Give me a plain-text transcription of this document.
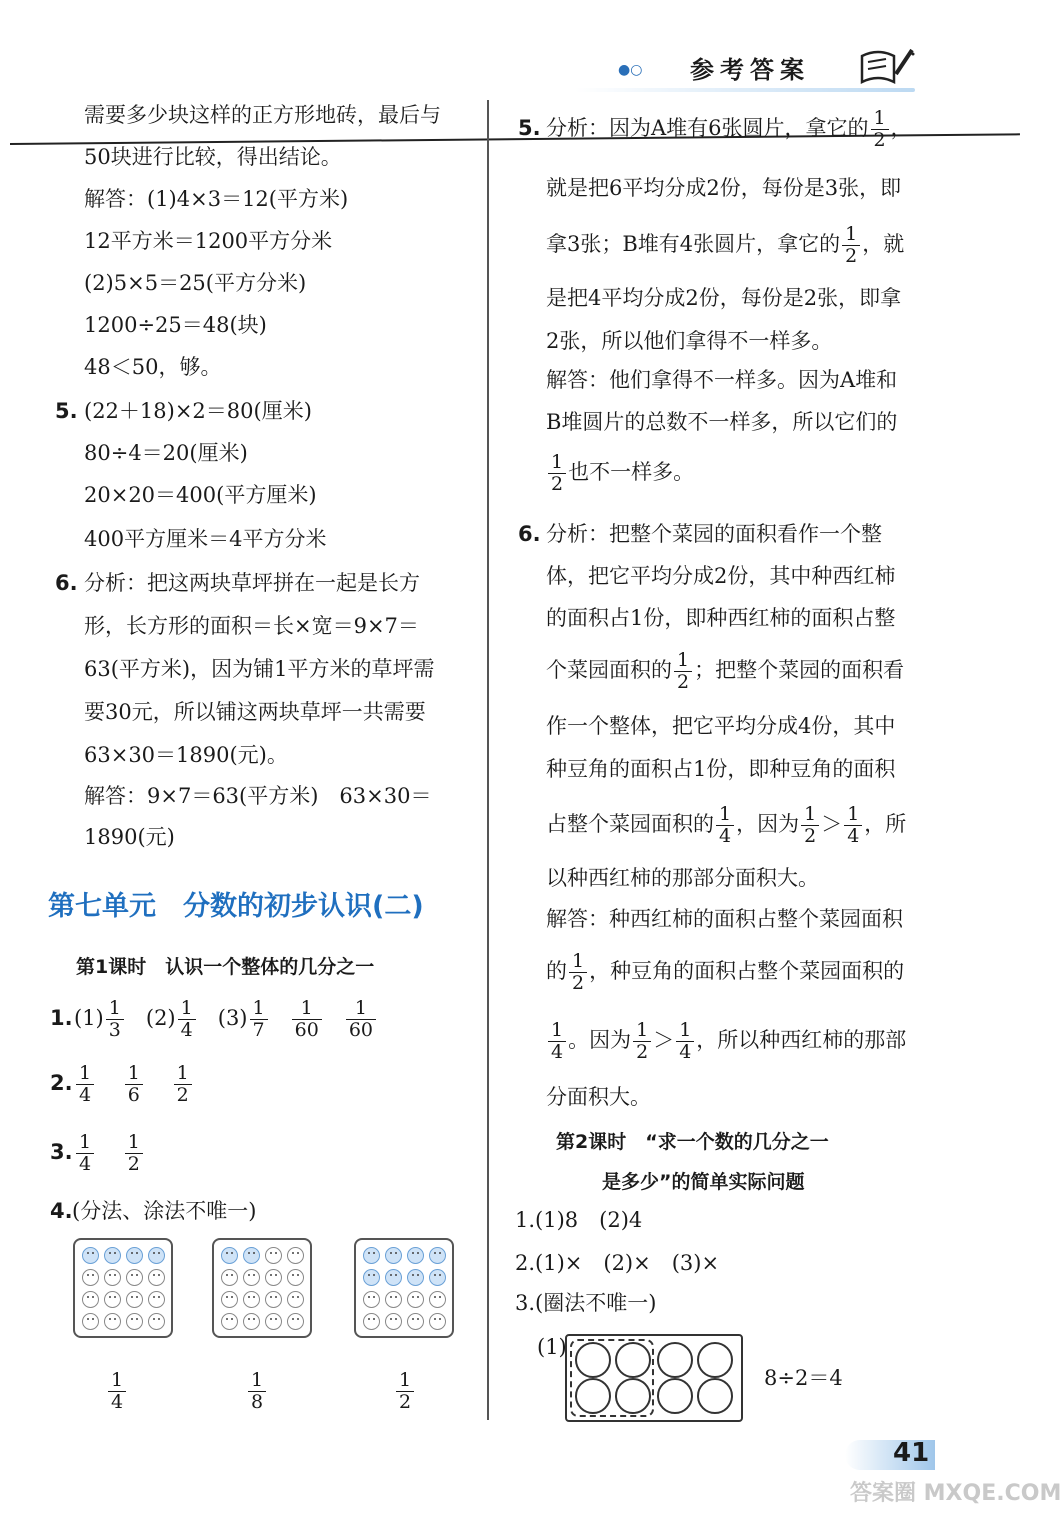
●○ 参考答案
需要多少块这样的正方形地砖，最后与
50块进行比较，得出结论。
解答：(1)4×3＝12(平方米)
12平方米＝1200平方分米
(2)5×5＝25(平方分米)
1200÷25＝48(块)
48＜50，够。
5. (22＋18)×2＝80(厘米)
80÷4＝20(厘米)
20×20＝400(平方厘米)
400平方厘米＝4平方分米
6. 分析：把这两块草坪拼在一起是长方
形，长方形的面积＝长×宽＝9×7＝
63(平方米)，因为铺1平方米的草坪需
要30元，所以铺这两块草坪一共需要
63×30＝1890(元)。
解答：9×7＝63(平方米)　63×30＝
1890(元)
第七单元　分数的初步认识(二)
第1课时　认识一个整体的几分之一
1. $(1) \frac{1}{3} (2) \frac{1}{4} (3) \frac{1}{7}$
$\frac{1}{60}$
$\frac{1}{60}$
2. $\frac{1}{4}$
$\frac{1}{6}$
$\frac{1}{2}$
3. $\frac{1}{4}$
$\frac{1}{2}$
4. (分法、涂法不唯一)
$\frac{1}{4}$	$\frac{1}{8}$	$\frac{1}{2}$
5. 分析：因为A堆有6张圆片，拿它的 $\frac{1}{2}$ ，
就是把6平均分成2份，每份是3张，即
拿3张；B堆有4张圆片，拿它的 $\frac{1}{2}$ ，就
是把4平均分成2份，每份是2张，即拿
2张，所以他们拿得不一样多。
解答：他们拿得不一样多。因为A堆和
B堆圆片的总数不一样多，所以它们的
$\frac{1}{2}$ 也不一样多。
6. 分析：把整个菜园的面积看作一个整
体，把它平均分成2份，其中种西红柿
的面积占1份，即种西红柿的面积占整
个菜园面积的 $\frac{1}{2}$ ；把整个菜园的面积看
作一个整体，把它平均分成4份，其中
种豆角的面积占1份，即种豆角的面积
占整个菜园面积的 $\frac{1}{4}$ ，因为 $\frac{1}{2} > \frac{1}{4}$ ，所
以种西红柿的那部分面积大。
解答：种西红柿的面积占整个菜园面积
的 $\frac{1}{2}$ ，种豆角的面积占整个菜园面积的
$\frac{1}{4}$ 。因为 $\frac{1}{2} > \frac{1}{4}$ ，所以种西红柿的那部
分面积大。
第2课时　“求一个数的几分之一
是多少”的简单实际问题
1.(1)8　(2)4
2.(1)×　(2)×　(3)×
3.(圈法不唯一)
(1)
8÷2＝4
41
答案圈 MXQE.COM
